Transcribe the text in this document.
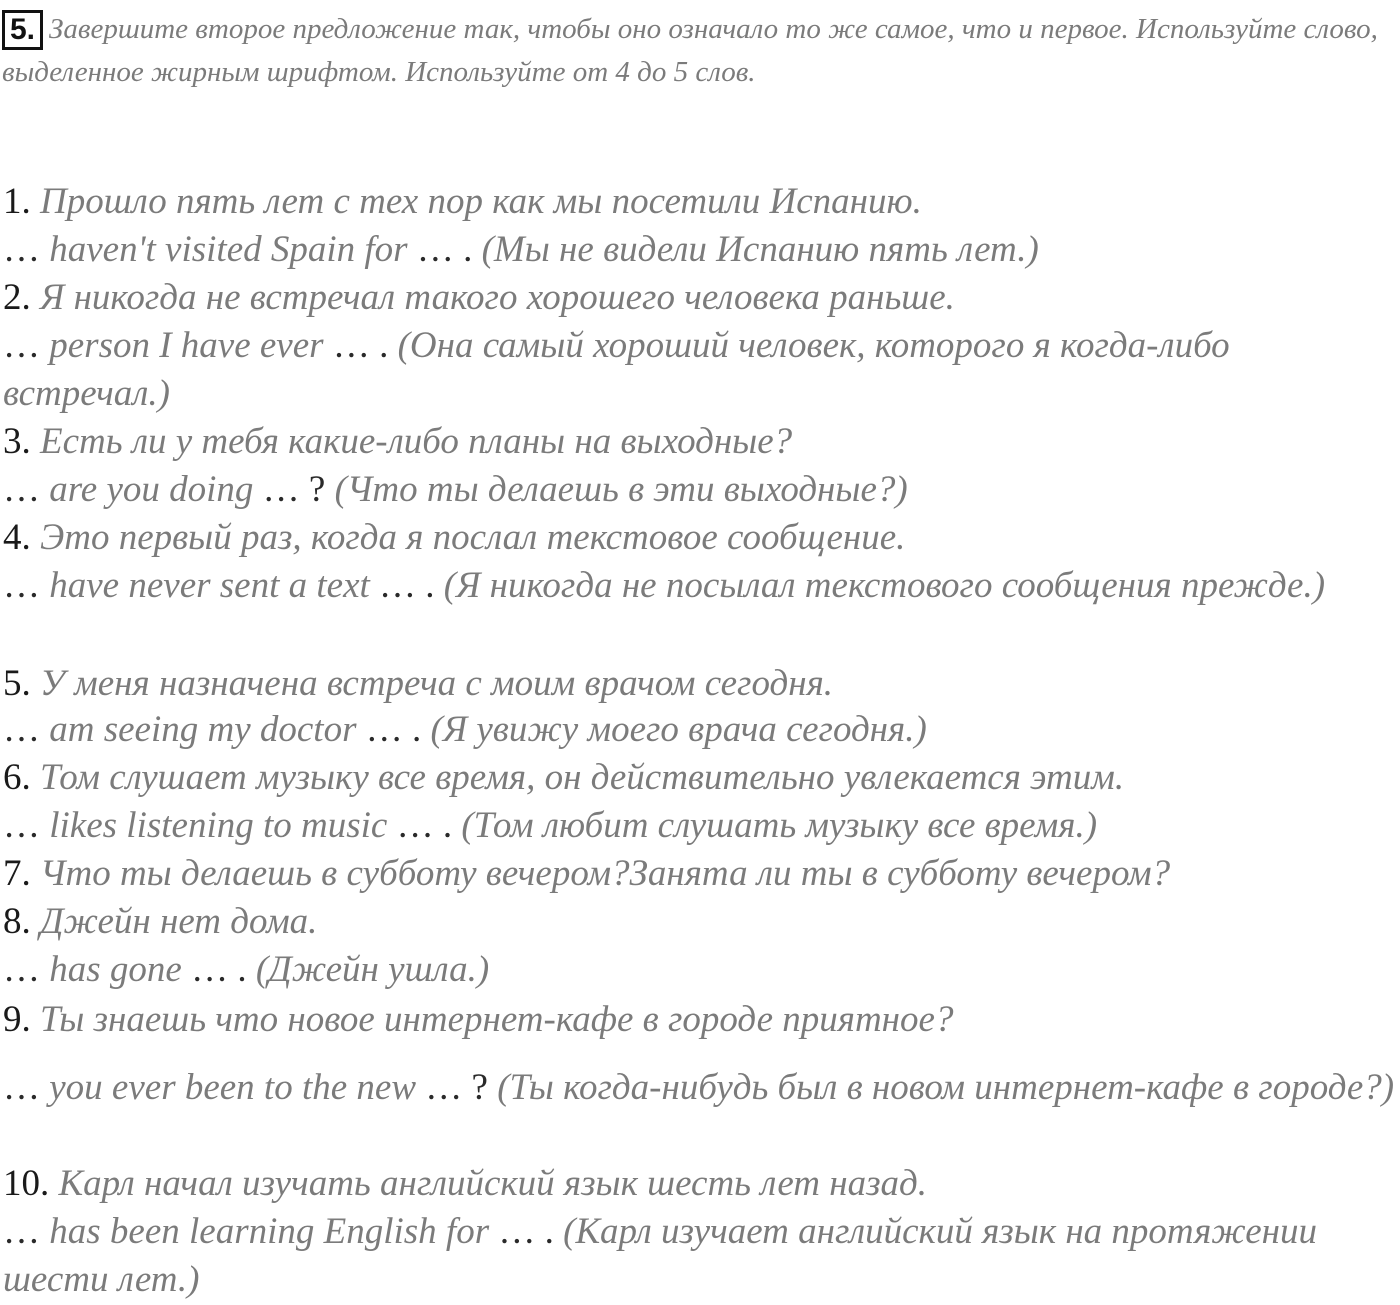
5. Завершите второе предложение так, чтобы оно означало то же самое, что и первое. Используйте слово, выделенное жирным шрифтом. Используйте от 4 до 5 слов.
1. Прошло пять лет с тех пор как мы посетили Испанию.
… haven't visited Spain for … . (Мы не видели Испанию пять лет.)
2. Я никогда не встречал такого хорошего человека раньше.
… person I have ever … . (Она самый хороший человек, которого я когда-либо встречал.)
3. Есть ли у тебя какие-либо планы на выходные?
… are you doing … ? (Что ты делаешь в эти выходные?)
4. Это первый раз, когда я послал текстовое сообщение.
… have never sent a text … . (Я никогда не посылал текстового сообщения прежде.)
5. У меня назначена встреча с моим врачом сегодня.
… am seeing my doctor … . (Я увижу моего врача сегодня.)
6. Том слушает музыку все время, он действительно увлекается этим.
… likes listening to music … . (Том любит слушать музыку все время.)
7. Что ты делаешь в субботу вечером?Занята ли ты в субботу вечером?
8. Джейн нет дома.
… has gone … . (Джейн ушла.)
9. Ты знаешь что новое интернет-кафе в городе приятное?
… you ever been to the new … ? (Ты когда-нибудь был в новом интернет-кафе в городе?)
10. Карл начал изучать английский язык шесть лет назад.
… has been learning English for … . (Карл изучает английский язык на протяжении шести лет.)
